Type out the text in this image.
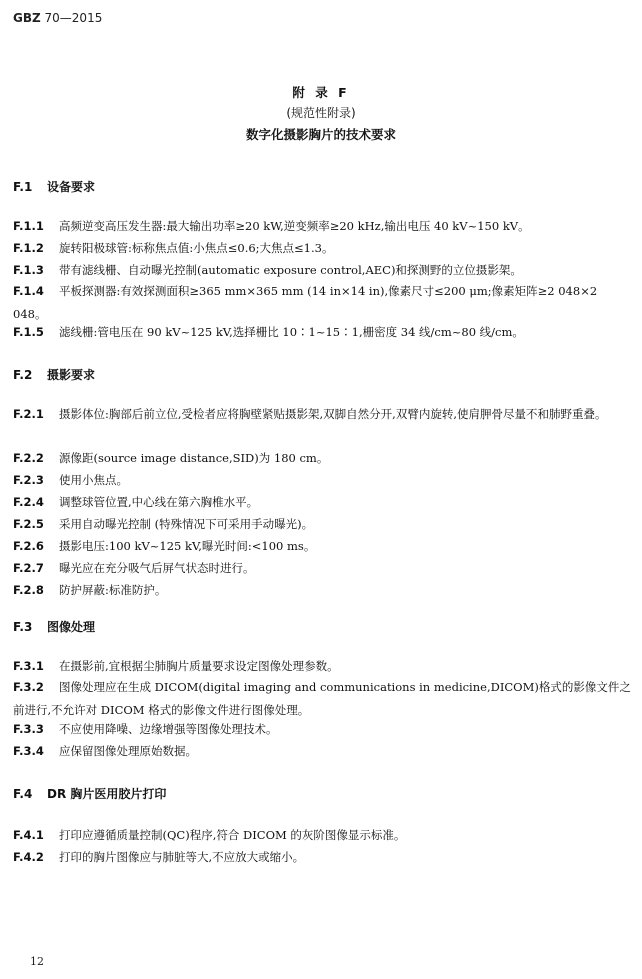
GBZ 70—2015
附 录 F
(规范性附录)
数字化摄影胸片的技术要求
F.1 设备要求
F.1.1 高频逆变高压发生器:最大输出功率≥20 kW,逆变频率≥20 kHz,输出电压 40 kV~150 kV。
F.1.2 旋转阳极球管:标称焦点值:小焦点≤0.6;大焦点≤1.3。
F.1.3 带有滤线栅、自动曝光控制(automatic exposure control,AEC)和探测野的立位摄影架。
F.1.4 平板探测器:有效探测面积≥365 mm×365 mm (14 in×14 in),像素尺寸≤200 μm;像素矩阵≥2 048×2 048。
F.1.5 滤线栅:管电压在 90 kV~125 kV,选择栅比 10∶1~15∶1,栅密度 34 线/cm~80 线/cm。
F.2 摄影要求
F.2.1 摄影体位:胸部后前立位,受检者应将胸壁紧贴摄影架,双脚自然分开,双臂内旋转,使肩胛骨尽量不和肺野重叠。
F.2.2 源像距(source image distance,SID)为 180 cm。
F.2.3 使用小焦点。
F.2.4 调整球管位置,中心线在第六胸椎水平。
F.2.5 采用自动曝光控制 (特殊情况下可采用手动曝光)。
F.2.6 摄影电压:100 kV~125 kV,曝光时间:<100 ms。
F.2.7 曝光应在充分吸气后屏气状态时进行。
F.2.8 防护屏蔽:标准防护。
F.3 图像处理
F.3.1 在摄影前,宜根据尘肺胸片质量要求设定图像处理参数。
F.3.2 图像处理应在生成 DICOM(digital imaging and communications in medicine,DICOM)格式的影像文件之前进行,不允许对 DICOM 格式的影像文件进行图像处理。
F.3.3 不应使用降噪、边缘增强等图像处理技术。
F.3.4 应保留图像处理原始数据。
F.4 DR 胸片医用胶片打印
F.4.1 打印应遵循质量控制(QC)程序,符合 DICOM 的灰阶图像显示标准。
F.4.2 打印的胸片图像应与肺脏等大,不应放大或缩小。
12
